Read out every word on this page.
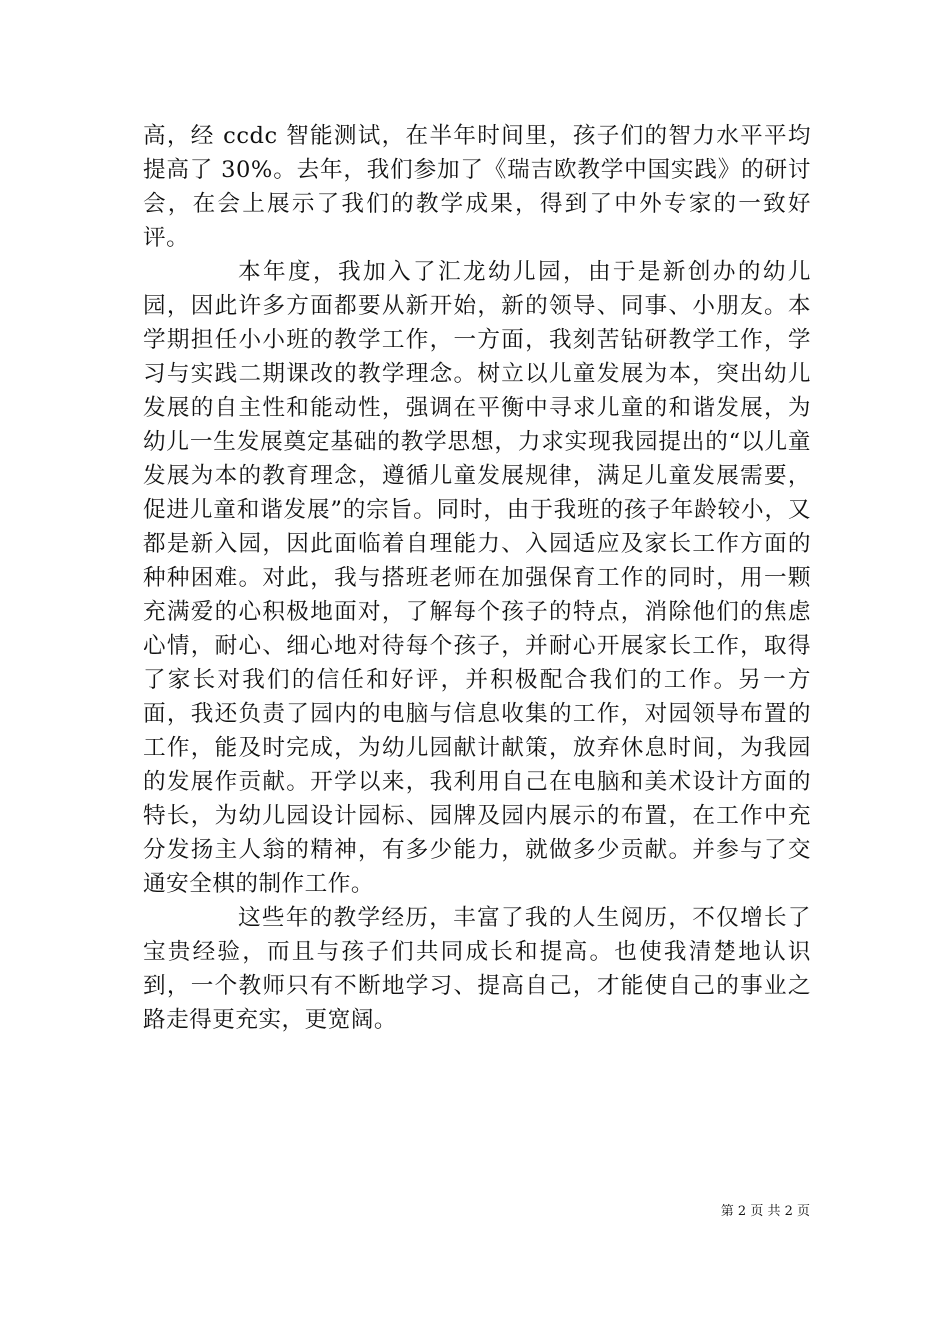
高，经 ccdc 智能测试，在半年时间里，孩子们的智力水平平均提高了 30%。去年，我们参加了《瑞吉欧教学中国实践》的研讨会，在会上展示了我们的教学成果，得到了中外专家的一致好评。

本年度，我加入了汇龙幼儿园，由于是新创办的幼儿园，因此许多方面都要从新开始，新的领导、同事、小朋友。本学期担任小小班的教学工作，一方面，我刻苦钻研教学工作，学习与实践二期课改的教学理念。树立以儿童发展为本，突出幼儿发展的自主性和能动性，强调在平衡中寻求儿童的和谐发展，为幼儿一生发展奠定基础的教学思想，力求实现我园提出的“以儿童发展为本的教育理念，遵循儿童发展规律，满足儿童发展需要，促进儿童和谐发展”的宗旨。同时，由于我班的孩子年龄较小，又都是新入园，因此面临着自理能力、入园适应及家长工作方面的种种困难。对此，我与搭班老师在加强保育工作的同时，用一颗充满爱的心积极地面对，了解每个孩子的特点，消除他们的焦虑心情，耐心、细心地对待每个孩子，并耐心开展家长工作，取得了家长对我们的信任和好评，并积极配合我们的工作。另一方面，我还负责了园内的电脑与信息收集的工作，对园领导布置的工作，能及时完成，为幼儿园献计献策，放弃休息时间，为我园的发展作贡献。开学以来，我利用自己在电脑和美术设计方面的特长，为幼儿园设计园标、园牌及园内展示的布置，在工作中充分发扬主人翁的精神，有多少能力，就做多少贡献。并参与了交通安全棋的制作工作。

这些年的教学经历，丰富了我的人生阅历，不仅增长了宝贵经验，而且与孩子们共同成长和提高。也使我清楚地认识到，一个教师只有不断地学习、提高自己，才能使自己的事业之路走得更充实，更宽阔。

第 2 页 共 2 页
